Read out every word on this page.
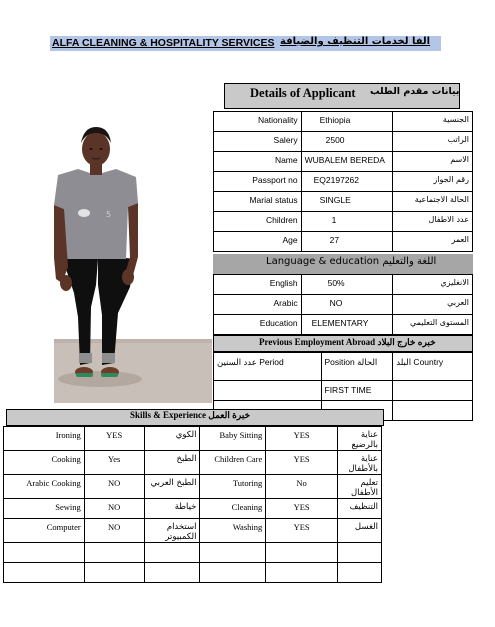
ALFA CLEANING & HOSPITALITY SERVICES الفا لخدمات التنظيف والضيافة
Details of Applicant بيانات مقدم الطلب
5
Nationality	Ethiopia	الجنسية
Salery	2500	الراتب
Name	WUBALEM BEREDA	الاسم
Passport no	EQ2197262	رقم الجواز
Marial status	SINGLE	الحالة الاجتماعية
Children	1	عدد الاطفال
Age	27	العمر
Language & education اللغة والتعليم
English	50%	الانغليزي
Arabic	NO	العربي
Education	ELEMENTARY	المستوى التعليمي
Previous Employment Abroad خبره خارج البلاد
عدد السنين Period	Position الحالة	البلد Country
	FIRST TIME	

Skills & Experience خبرة العمل
Ironing	YES	الكوي	Baby Sitting	YES	عناية بالرضيع
Cooking	Yes	الطبخ	Children Care	YES	عناية بالأطفال
Arabic Cooking	NO	الطبخ العربي	Tutoring	No	تعليم الأطفال
Sewing	NO	خياطة	Cleaning	YES	التنظيف
Computer	NO	استخدام الكمبيوتر	Washing	YES	الغسل
